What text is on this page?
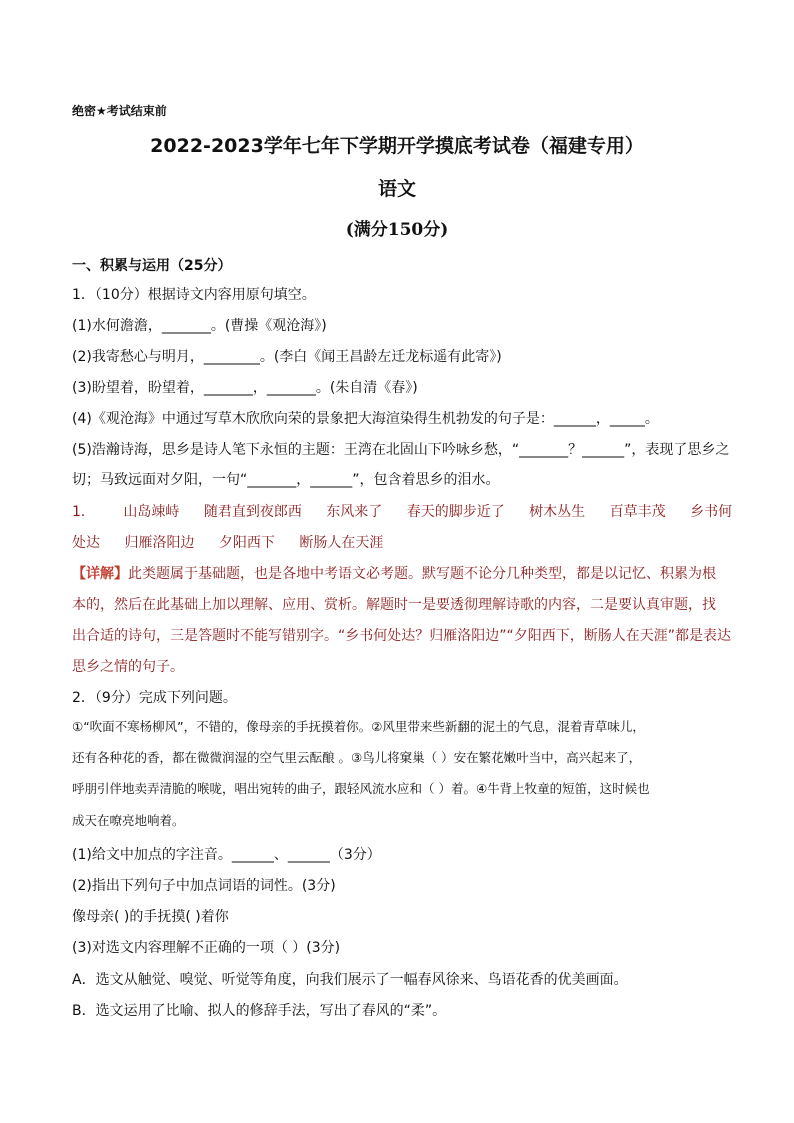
绝密★考试结束前
2022-2023学年七年下学期开学摸底考试卷（福建专用）
语文
(满分150分)
一、积累与运用（25分）
1．（10分）根据诗文内容用原句填空。
(1)水何澹澹，_______。(曹操《观沧海》)
(2)我寄愁心与明月，________。(李白《闻王昌龄左迁龙标遥有此寄》)
(3)盼望着，盼望着，_______，_______。(朱自清《春》)
(4)《观沧海》中通过写草木欣欣向荣的景象把大海渲染得生机勃发的句子是：______，_____。
(5)浩瀚诗海，思乡是诗人笔下永恒的主题：王湾在北固山下吟咏乡愁，“_______？______”，表现了思乡之
切；马致远面对夕阳，一句“_______，______”，包含着思乡的泪水。
1． 山岛竦峙 随君直到夜郎西 东风来了 春天的脚步近了 树木丛生 百草丰茂 乡书何
处达 归雁洛阳边 夕阳西下 断肠人在天涯
【详解】此类题属于基础题，也是各地中考语文必考题。默写题不论分几种类型，都是以记忆、积累为根
本的，然后在此基础上加以理解、应用、赏析。解题时一是要透彻理解诗歌的内容，二是要认真审题，找
出合适的诗句，三是答题时不能写错别字。“乡书何处达？归雁洛阳边”“夕阳西下，断肠人在天涯”都是表达
思乡之情的句子。
2．（9分）完成下列问题。
①“吹面不寒杨柳风”，不错的，像母亲的手抚摸着你。②风里带来些新翻的泥土的气息，混着青草味儿，
还有各种花的香，都在微微润湿的空气里云酝酿 。③鸟儿将窠巢（ ）安在繁花嫩叶当中，高兴起来了，
呼朋引伴地卖弄清脆的喉咙，唱出宛转的曲子，跟轻风流水应和（ ）着。④牛背上牧童的短笛，这时候也
成天在嘹亮地响着。
(1)给文中加点的字注音。______、______（3分）
(2)指出下列句子中加点词语的词性。(3分)
像母亲( )的手抚摸( )着你
(3)对选文内容理解不正确的一项（ ）(3分)
A．选文从触觉、嗅觉、听觉等角度，向我们展示了一幅春风徐来、鸟语花香的优美画面。
B．选文运用了比喻、拟人的修辞手法，写出了春风的“柔”。
